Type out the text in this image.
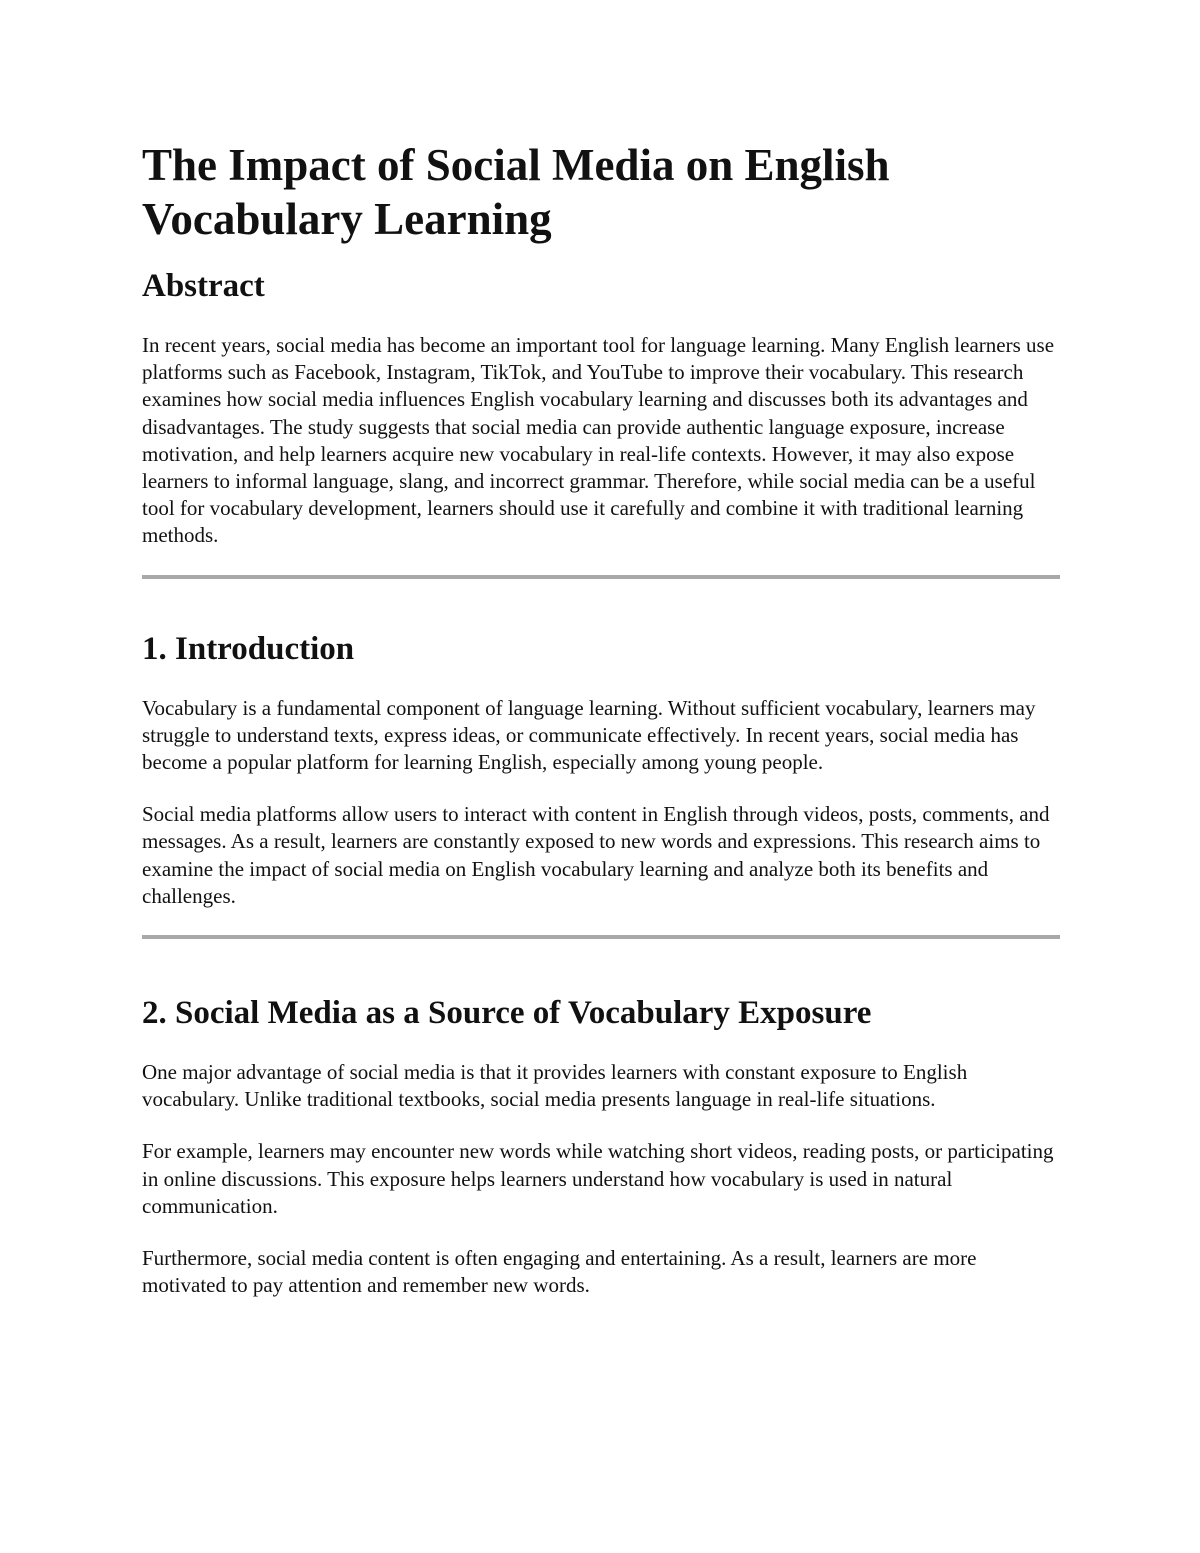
The Impact of Social Media on English Vocabulary Learning
Abstract

In recent years, social media has become an important tool for language learning. Many English learners use platforms such as Facebook, Instagram, TikTok, and YouTube to improve their vocabulary. This research examines how social media influences English vocabulary learning and discusses both its advantages and disadvantages. The study suggests that social media can provide authentic language exposure, increase motivation, and help learners acquire new vocabulary in real-life contexts. However, it may also expose learners to informal language, slang, and incorrect grammar. Therefore, while social media can be a useful tool for vocabulary development, learners should use it carefully and combine it with traditional learning methods.

1. Introduction

Vocabulary is a fundamental component of language learning. Without sufficient vocabulary, learners may struggle to understand texts, express ideas, or communicate effectively. In recent years, social media has become a popular platform for learning English, especially among young people.

Social media platforms allow users to interact with content in English through videos, posts, comments, and messages. As a result, learners are constantly exposed to new words and expressions. This research aims to examine the impact of social media on English vocabulary learning and analyze both its benefits and challenges.

2. Social Media as a Source of Vocabulary Exposure

One major advantage of social media is that it provides learners with constant exposure to English vocabulary. Unlike traditional textbooks, social media presents language in real-life situations.

For example, learners may encounter new words while watching short videos, reading posts, or participating in online discussions. This exposure helps learners understand how vocabulary is used in natural communication.

Furthermore, social media content is often engaging and entertaining. As a result, learners are more motivated to pay attention and remember new words.
